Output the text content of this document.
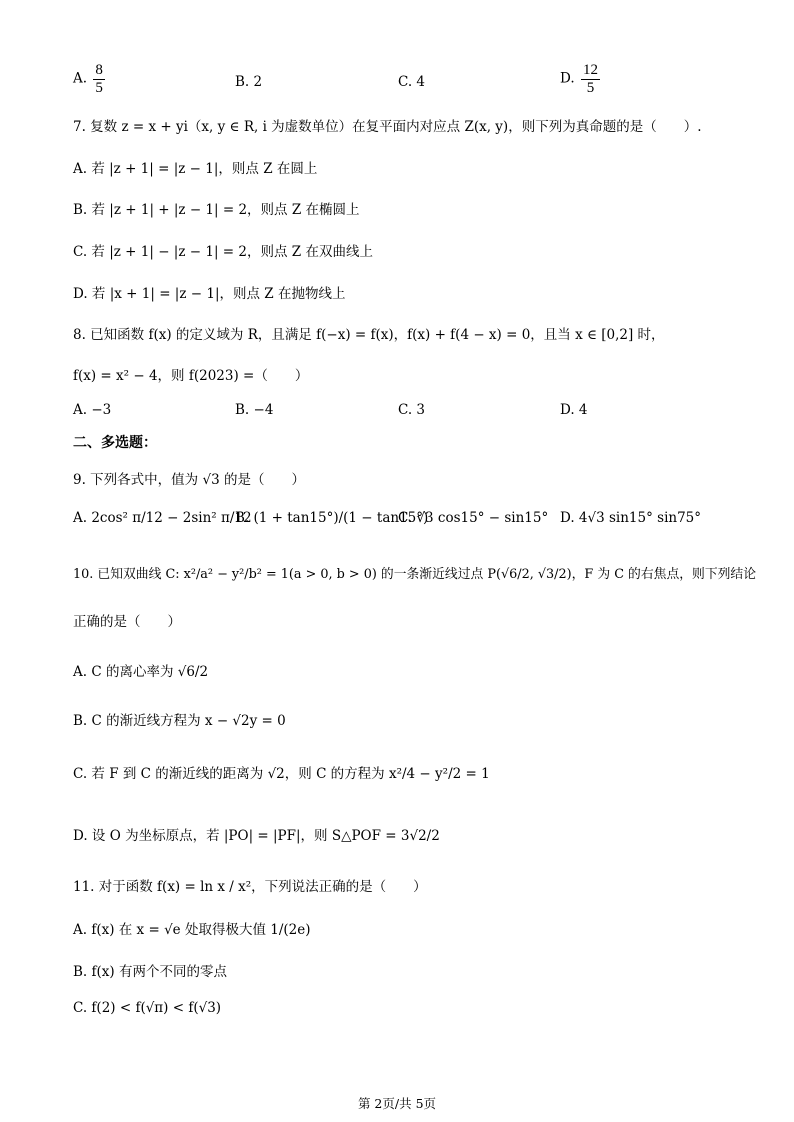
A. $\frac{8}{5}$	B. 2	C. 4	D. $\frac{12}{5}$
7. 复数 z = x + yi（x, y ∈ R, i 为虚数单位）在复平面内对应点 Z(x, y)，则下列为真命题的是（　　）.
A. 若 |z + 1| = |z − 1|，则点 Z 在圆上
B. 若 |z + 1| + |z − 1| = 2，则点 Z 在椭圆上
C. 若 |z + 1| − |z − 1| = 2，则点 Z 在双曲线上
D. 若 |x + 1| = |z − 1|，则点 Z 在抛物线上
8. 已知函数 f(x) 的定义域为 R，且满足 f(−x) = f(x)，f(x) + f(4 − x) = 0，且当 x ∈ [0,2] 时，
f(x) = x² − 4，则 f(2023) =（　　）
A. −3	B. −4	C. 3	D. 4
二、多选题：
9. 下列各式中，值为 √3 的是（　　）
A. 2cos² π/12 − 2sin² π/12
B. (1 + tan15°)/(1 − tan15°)
C. √3 cos15° − sin15° D. 4√3 sin15° sin75°
10. 已知双曲线 C: x²/a² − y²/b² = 1(a > 0, b > 0) 的一条渐近线过点 P(√6/2, √3/2)，F 为 C 的右焦点，则下列结论
正确的是（　　）
A. C 的离心率为 √6/2
B. C 的渐近线方程为 x − √2y = 0
C. 若 F 到 C 的渐近线的距离为 √2，则 C 的方程为 x²/4 − y²/2 = 1
D. 设 O 为坐标原点，若 |PO| = |PF|，则 S△POF = 3√2/2
11. 对于函数 f(x) = ln x / x²，下列说法正确的是（　　）
A. f(x) 在 x = √e 处取得极大值 1/(2e)
B. f(x) 有两个不同的零点
C. f(2) < f(√π) < f(√3)
第 2页/共 5页
